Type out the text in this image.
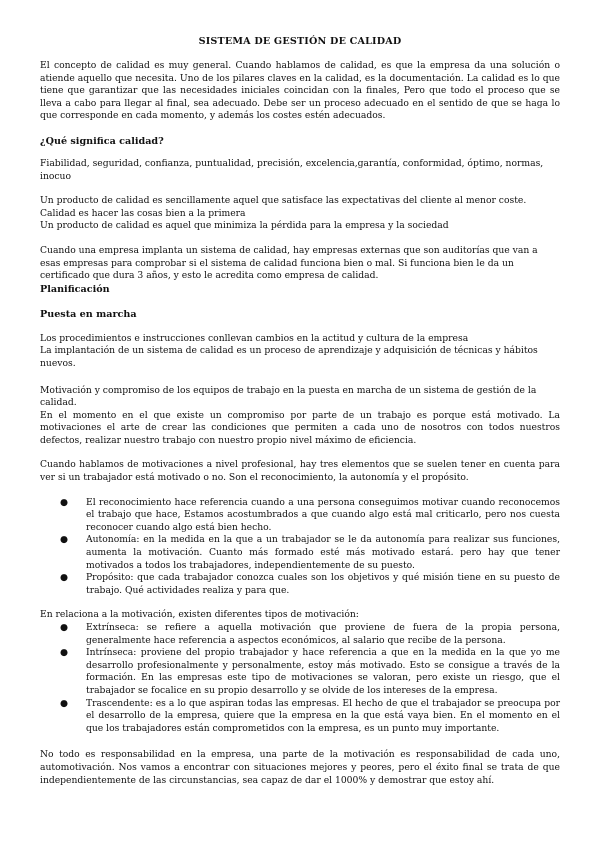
SISTEMA DE GESTIÓN DE CALIDAD

El concepto de calidad es muy general. Cuando hablamos de calidad, es que la empresa da una solución o atiende aquello que necesita. Uno de los pilares claves en la calidad, es la documentación. La calidad es lo que tiene que garantizar que las necesidades iniciales coincidan con la finales, Pero que todo el proceso que se lleva a cabo para llegar al final, sea adecuado. Debe ser un proceso adecuado en el sentido de que se haga lo que corresponde en cada momento, y además los costes estén adecuados.

¿Qué significa calidad?

Fiabilidad, seguridad, confianza, puntualidad, precisión, excelencia,garantía, conformidad, óptimo, normas, inocuo

Un producto de calidad es sencillamente aquel que satisface las expectativas del cliente al menor coste.

Calidad es hacer las cosas bien a la primera

Un producto de calidad es aquel que minimiza la pérdida para la empresa y la sociedad

Cuando una empresa implanta un sistema de calidad, hay empresas externas que son auditorías que van a esas empresas para comprobar si el sistema de calidad funciona bien o mal. Si funciona bien le da un certificado que dura 3 años, y esto le acredita como empresa de calidad.

Planificación

Puesta en marcha

Los procedimientos e instrucciones conllevan cambios en la actitud y cultura de la empresa

La implantación de un sistema de calidad es un proceso de aprendizaje y adquisición de técnicas y hábitos nuevos.

Motivación y compromiso de los equipos de trabajo en la puesta en marcha de un sistema de gestión de la calidad.

En el momento en el que existe un compromiso por parte de un trabajo es porque está motivado. La motivaciones el arte de crear las condiciones que permiten a cada uno de nosotros con todos nuestros defectos, realizar nuestro trabajo con nuestro propio nivel máximo de eficiencia.

Cuando hablamos de motivaciones a nivel profesional, hay tres elementos que se suelen tener en cuenta para ver si un trabajador está motivado o no. Son el reconocimiento, la autonomía y el propósito.

● El reconocimiento hace referencia cuando a una persona conseguimos motivar cuando reconocemos el trabajo que hace, Estamos acostumbrados a que cuando algo está mal criticarlo, pero nos cuesta reconocer cuando algo está bien hecho.
● Autonomía: en la medida en la que a un trabajador se le da autonomía para realizar sus funciones, aumenta la motivación. Cuanto más formado esté más motivado estará. pero hay que tener motivados a todos los trabajadores, independientemente de su puesto.
● Propósito: que cada trabajador conozca cuales son los objetivos y qué misión tiene en su puesto de trabajo. Qué actividades realiza y para que.

En relaciona a la motivación, existen diferentes tipos de motivación:

● Extrínseca: se refiere a aquella motivación que proviene de fuera de la propia persona, generalmente hace referencia a aspectos económicos, al salario que recibe de la persona.
● Intrínseca: proviene del propio trabajador y hace referencia a que en la medida en la que yo me desarrollo profesionalmente y personalmente, estoy más motivado. Esto se consigue a través de la formación. En las empresas este tipo de motivaciones se valoran, pero existe un riesgo, que el trabajador se focalice en su propio desarrollo y se olvide de los intereses de la empresa.
● Trascendente: es a lo que aspiran todas las empresas. El hecho de que el trabajador se preocupa por el desarrollo de la empresa, quiere que la empresa en la que está vaya bien. En el momento en el que los trabajadores están comprometidos con la empresa, es un punto muy importante.

No todo es responsabilidad en la empresa, una parte de la motivación es responsabilidad de cada uno, automotivación. Nos vamos a encontrar con situaciones mejores y peores, pero el éxito final se trata de que independientemente de las circunstancias, sea capaz de dar el 1000% y demostrar que estoy ahí.
